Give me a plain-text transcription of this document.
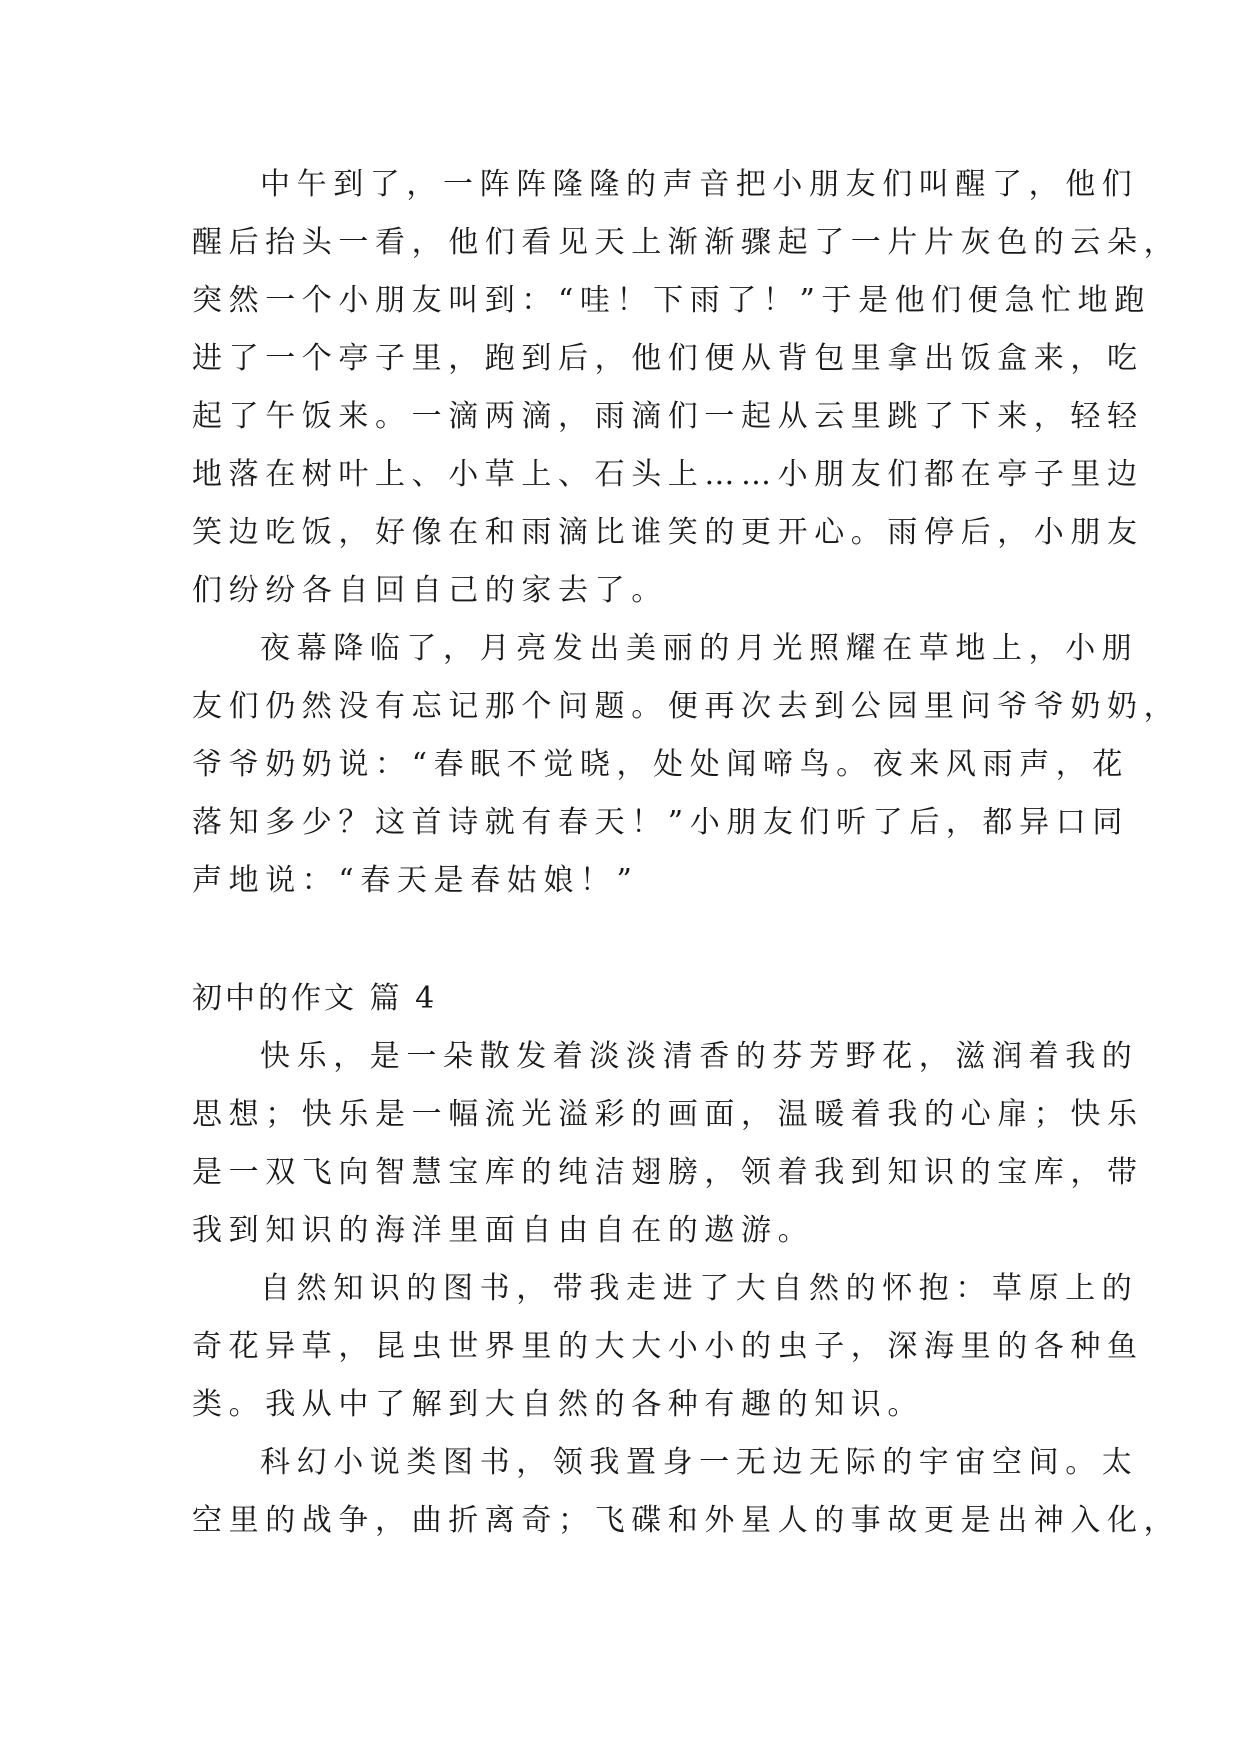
中午到了，一阵阵隆隆的声音把小朋友们叫醒了，他们
醒后抬头一看，他们看见天上渐渐骤起了一片片灰色的云朵，
突然一个小朋友叫到：“哇！下雨了！”于是他们便急忙地跑
进了一个亭子里，跑到后，他们便从背包里拿出饭盒来，吃
起了午饭来。一滴两滴，雨滴们一起从云里跳了下来，轻轻
地落在树叶上、小草上、石头上……小朋友们都在亭子里边
笑边吃饭，好像在和雨滴比谁笑的更开心。雨停后，小朋友
们纷纷各自回自己的家去了。
夜幕降临了，月亮发出美丽的月光照耀在草地上，小朋
友们仍然没有忘记那个问题。便再次去到公园里问爷爷奶奶，
爷爷奶奶说：“春眠不觉晓，处处闻啼鸟。夜来风雨声，花
落知多少？这首诗就有春天！”小朋友们听了后，都异口同
声地说：“春天是春姑娘！”
初中的作文 篇 4
快乐，是一朵散发着淡淡清香的芬芳野花，滋润着我的
思想；快乐是一幅流光溢彩的画面，温暖着我的心扉；快乐
是一双飞向智慧宝库的纯洁翅膀，领着我到知识的宝库，带
我到知识的海洋里面自由自在的遨游。
自然知识的图书，带我走进了大自然的怀抱：草原上的
奇花异草，昆虫世界里的大大小小的虫子，深海里的各种鱼
类。我从中了解到大自然的各种有趣的知识。
科幻小说类图书，领我置身一无边无际的宇宙空间。太
空里的战争，曲折离奇；飞碟和外星人的事故更是出神入化，
